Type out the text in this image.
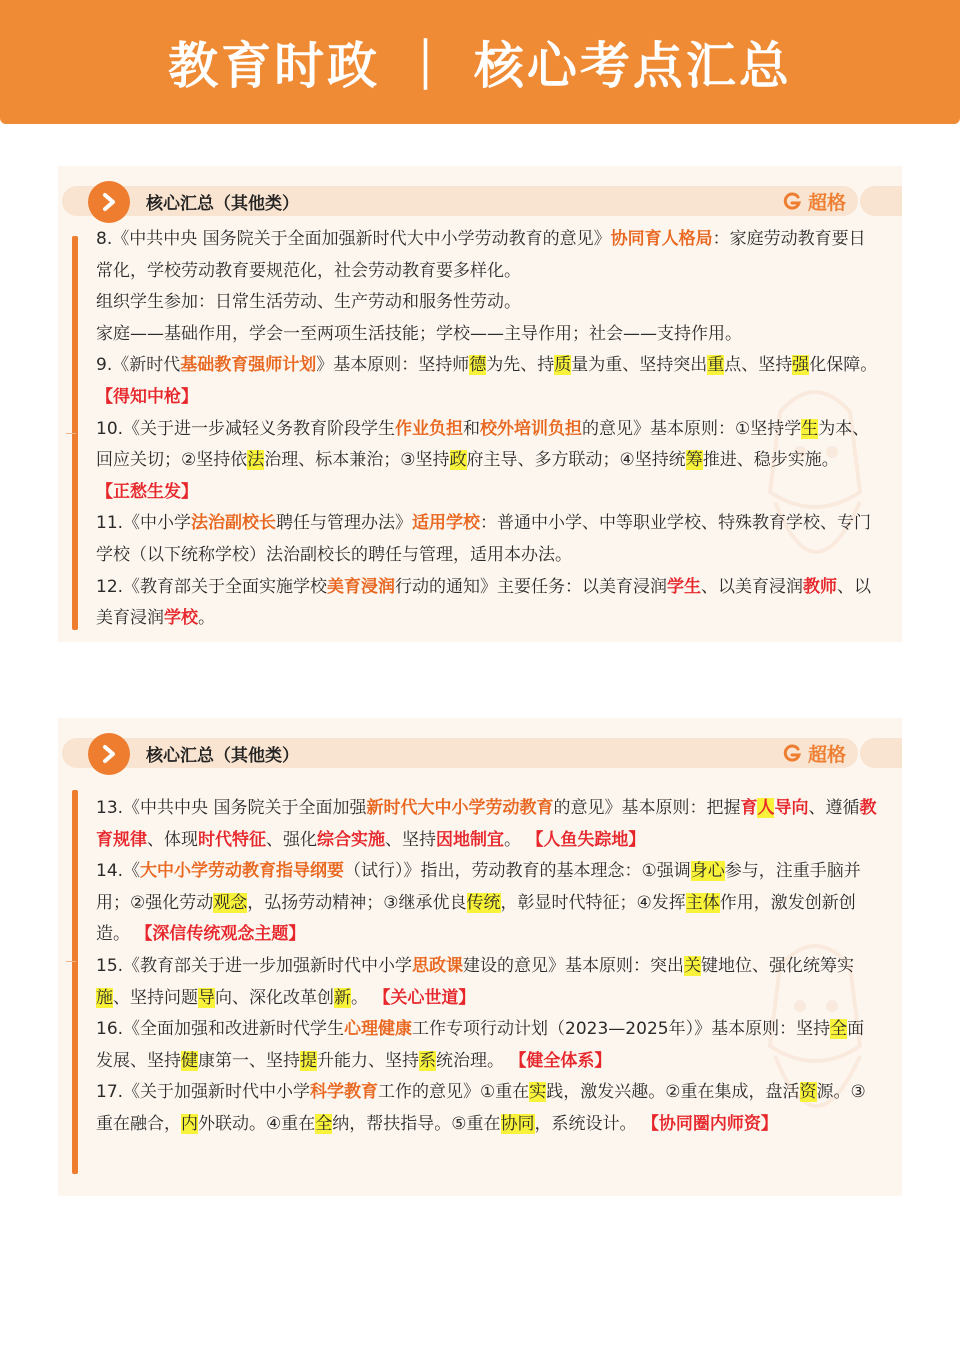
教育时政 ｜ 核心考点汇总
核心汇总（其他类）	超格

8.《中共中央 国务院关于全面加强新时代大中小学劳动教育的意见》协同育人格局：家庭劳动教育要日常化，学校劳动教育要规范化，社会劳动教育要多样化。

组织学生参加：日常生活劳动、生产劳动和服务性劳动。

家庭——基础作用，学会一至两项生活技能；学校——主导作用；社会——支持作用。

9.《新时代基础教育强师计划》基本原则：坚持师德为先、持质量为重、坚持突出重点、坚持强化保障。 【得知中枪】

10.《关于进一步减轻义务教育阶段学生作业负担和校外培训负担的意见》基本原则：①坚持学生为本、回应关切；②坚持依法治理、标本兼治；③坚持政府主导、多方联动；④坚持统筹推进、稳步实施。 【正愁生发】

11.《中小学法治副校长聘任与管理办法》适用学校：普通中小学、中等职业学校、特殊教育学校、专门学校（以下统称学校）法治副校长的聘任与管理，适用本办法。

12.《教育部关于全面实施学校美育浸润行动的通知》主要任务：以美育浸润学生、以美育浸润教师、以美育浸润学校。

核心汇总（其他类）	超格

13.《中共中央 国务院关于全面加强新时代大中小学劳动教育的意见》基本原则：把握育人导向、遵循教育规律、体现时代特征、强化综合实施、坚持因地制宜。 【人鱼失踪地】

14.《大中小学劳动教育指导纲要（试行）》指出，劳动教育的基本理念：①强调身心参与，注重手脑并用；②强化劳动观念，弘扬劳动精神；③继承优良传统，彰显时代特征；④发挥主体作用，激发创新创造。 【深信传统观念主题】

15.《教育部关于进一步加强新时代中小学思政课建设的意见》基本原则：突出关键地位、强化统筹实施、坚持问题导向、深化改革创新。 【关心世道】

16.《全面加强和改进新时代学生心理健康工作专项行动计划（2023—2025年）》基本原则：坚持全面发展、坚持健康第一、坚持提升能力、坚持系统治理。 【健全体系】

17.《关于加强新时代中小学科学教育工作的意见》①重在实践，激发兴趣。②重在集成，盘活资源。③重在融合，内外联动。④重在全纳，帮扶指导。⑤重在协同，系统设计。 【协同圈内师资】
